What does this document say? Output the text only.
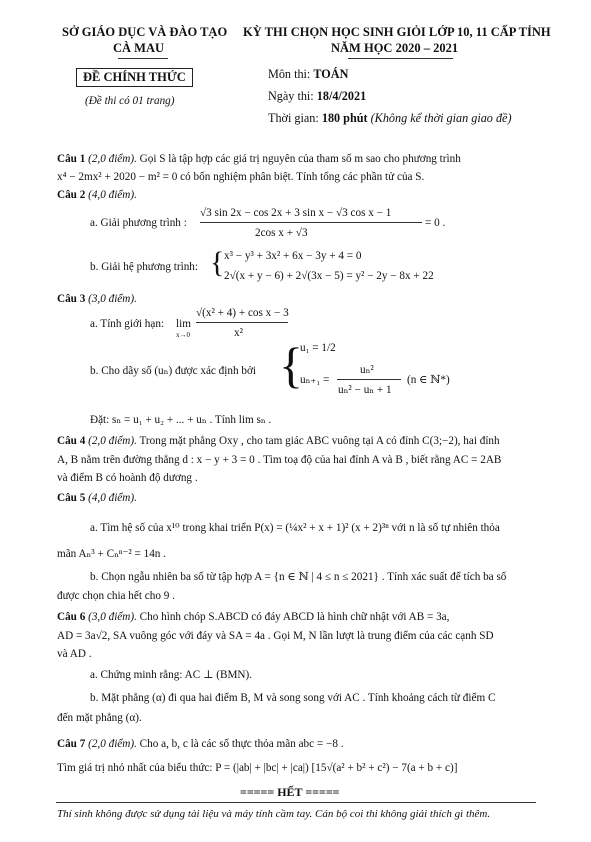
SỞ GIÁO DỤC VÀ ĐÀO TẠO
CÀ MAU
KỲ THI CHỌN HỌC SINH GIỎI LỚP 10, 11 CẤP TỈNH
NĂM HỌC 2020 – 2021
ĐỀ CHÍNH THỨC
(Đề thi có 01 trang)
Môn thi: TOÁN
Ngày thi: 18/4/2021
Thời gian: 180 phút (Không kể thời gian giao đề)
Câu 1 (2,0 điểm). Gọi S là tập hợp các giá trị nguyên của tham số m sao cho phương trình
x⁴ − 2mx² + 2020 − m² = 0 có bốn nghiệm phân biệt. Tính tổng các phần tử của S.
Câu 2 (4,0 điểm).
a. Giải phương trình :
√3 sin 2x − cos 2x + 3 sin x − √3 cos x − 1
2cos x + √3
= 0 .
b. Giải hệ phương trình: { x³ − y³ + 3x² + 6x − 3y + 4 = 0
2√(x + y − 6) + 2√(3x − 5) = y² − 2y − 8x + 22
Câu 3 (3,0 điểm).
a. Tính giới hạn: lim
x→0
√(x² + 4) + cos x − 3
x²
b. Cho dãy số (uₙ) được xác định bởi {
u₁ = 1/2
uₙ₊₁ =
uₙ²
uₙ² − uₙ + 1
(n ∈ ℕ*)
Đặt: sₙ = u₁ + u₂ + ... + uₙ . Tính lim sₙ .
Câu 4 (2,0 điểm). Trong mặt phẳng Oxy , cho tam giác ABC vuông tại A có đỉnh C(3;−2), hai đỉnh
A, B nằm trên đường thẳng d : x − y + 3 = 0 . Tìm toạ độ của hai đỉnh A và B , biết rằng AC = 2AB
và điểm B có hoành độ dương .
Câu 5 (4,0 điểm).
a. Tìm hệ số của x¹⁰ trong khai triển P(x) = (¼x² + x + 1)² (x + 2)³ⁿ với n là số tự nhiên thỏa
mãn Aₙ³ + Cₙⁿ⁻² = 14n .
b. Chọn ngẫu nhiên ba số từ tập hợp A = {n ∈ ℕ | 4 ≤ n ≤ 2021} . Tính xác suất để tích ba số
được chọn chia hết cho 9 .
Câu 6 (3,0 điểm). Cho hình chóp S.ABCD có đáy ABCD là hình chữ nhật với AB = 3a,
AD = 3a√2, SA vuông góc với đáy và SA = 4a . Gọi M, N lần lượt là trung điểm của các cạnh SD
và AD .
a. Chứng minh rằng: AC ⊥ (BMN).
b. Mặt phẳng (α) đi qua hai điểm B, M và song song với AC . Tính khoảng cách từ điểm C
đến mặt phẳng (α).
Câu 7 (2,0 điểm). Cho a, b, c là các số thực thỏa mãn abc = −8 .
Tìm giá trị nhỏ nhất của biểu thức: P = (|ab| + |bc| + |ca|) [15√(a² + b² + c²) − 7(a + b + c)]
===== HẾT =====
Thí sinh không được sử dụng tài liệu và máy tính cầm tay. Cán bộ coi thi không giải thích gì thêm.
